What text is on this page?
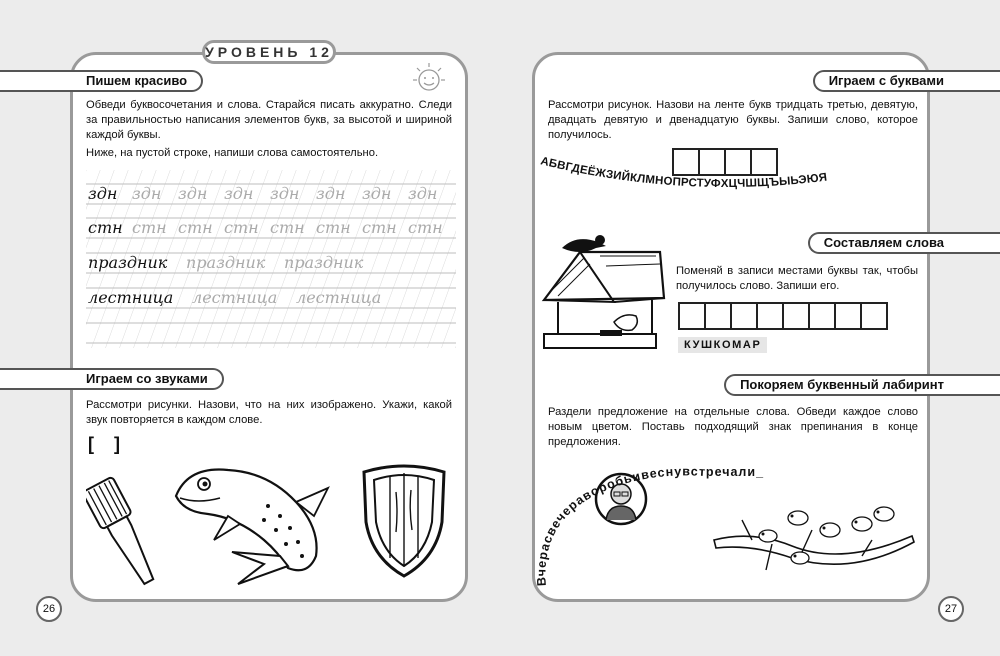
УРОВЕНЬ 12
Пишем красиво
Обведи буквосочетания и слова. Старайся писать аккуратно. Следи за правильностью написания элементов букв, за высотой и шириной каждой буквы.
Ниже, на пустой строке, напиши слова самостоятельно.
здн здн здн здн здн здн здн здн
стн стн стн стн стн стн стн стн
праздник праздник праздник
лестница лестница лестница
Играем со звуками
Рассмотри рисунки. Назови, что на них изображено. Укажи, какой звук повторяется в каждом слове.
[    ]
26
Играем с буквами
Рассмотри рисунок. Назови на ленте букв тридцать третью, девятую, двадцать девятую и двенадцатую буквы. Запиши слово, которое получилось.
АБВГДЕЁЖЗИЙКЛМНОПРСТУФХЦЧШЩЪЫЬЭЮЯ
Составляем слова
Поменяй в записи местами буквы так, чтобы получилось слово. Запиши его.
КУШКОМАР
Покоряем буквенный лабиринт
Раздели предложение на отдельные слова. Обведи каждое слово новым цветом. Поставь подходящий знак препинания в конце предложения.
Вчерасвечераворобьивеснувстречали_
27
